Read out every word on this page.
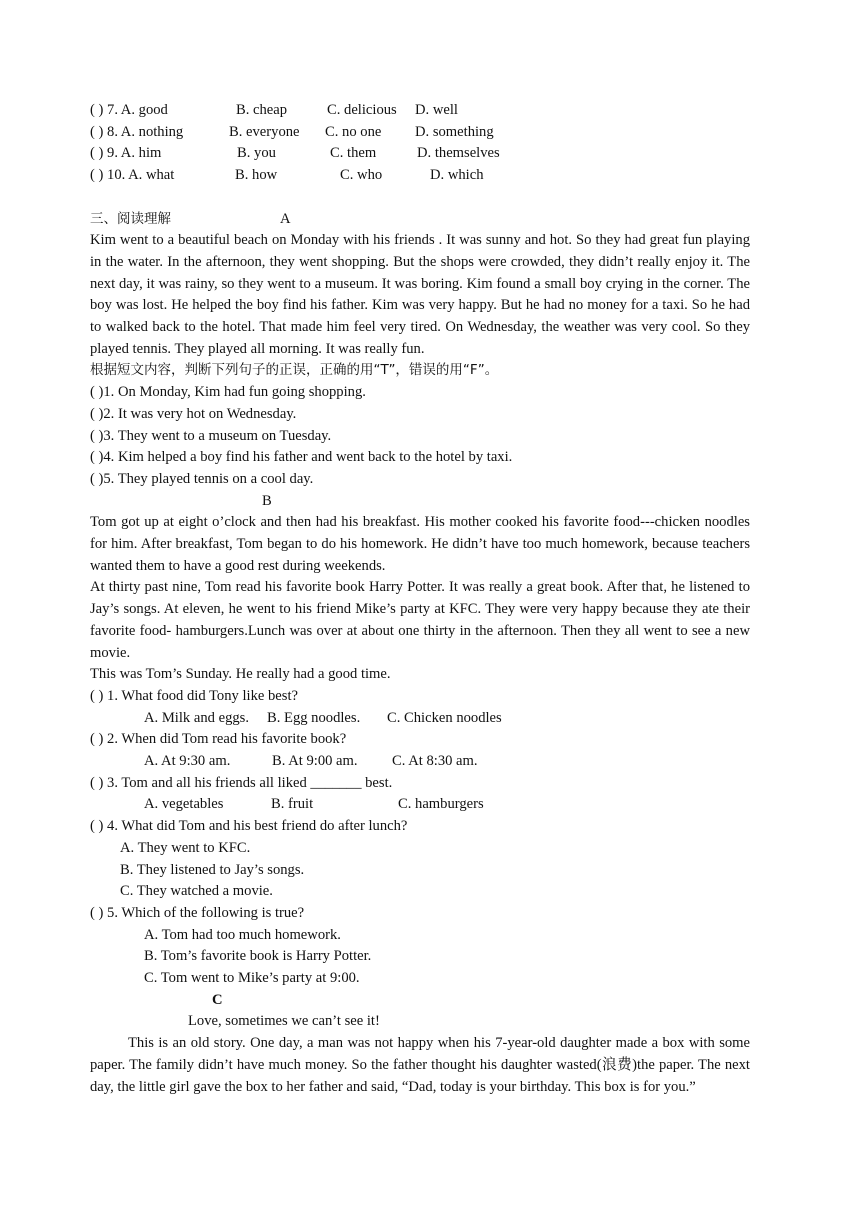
( ) 7. A. good	B. cheap	C. delicious D. well
( ) 8. A. nothing	B. everyone C. no one D. something
( ) 9. A. him	B. you	C. them	D. themselves
( ) 10. A. what	B. how	C. who	D. which
三、阅读理解	A
Kim went to a beautiful beach on Monday with his friends . It was sunny and hot. So they had great fun playing in the water. In the afternoon, they went shopping. But the shops were crowded, they didn’t really enjoy it. The next day, it was rainy, so they went to a museum. It was boring. Kim found a small boy crying in the corner. The boy was lost. He helped the boy find his father. Kim was very happy. But he had no money for a taxi. So he had to walked back to the hotel. That made him feel very tired. On Wednesday, the weather was very cool. So they played tennis. They played all morning. It was really fun.
根据短文内容，判断下列句子的正误，正确的用“T”，错误的用“F”。
( )1. On Monday, Kim had fun going shopping.
( )2. It was very hot on Wednesday.
( )3. They went to a museum on Tuesday.
( )4. Kim helped a boy find his father and went back to the hotel by taxi.
( )5. They played tennis on a cool day.
B
Tom got up at eight o’clock and then had his breakfast. His mother cooked his favorite food---chicken noodles for him. After breakfast, Tom began to do his homework. He didn’t have too much homework, because teachers wanted them to have a good rest during weekends.
At thirty past nine, Tom read his favorite book Harry Potter. It was really a great book. After that, he listened to Jay’s songs. At eleven, he went to his friend Mike’s party at KFC. They were very happy because they ate their favorite food- hamburgers.Lunch was over at about one thirty in the afternoon. Then they all went to see a new movie.
This was Tom’s Sunday. He really had a good time.
( ) 1. What food did Tony like best?
A. Milk and eggs. B. Egg noodles. C. Chicken noodles
( ) 2. When did Tom read his favorite book?
A. At 9:30 am.	B. At 9:00 am. C. At 8:30 am.
( ) 3. Tom and all his friends all liked _______ best.
A. vegetables	B. fruit	C. hamburgers
( ) 4. What did Tom and his best friend do after lunch?
A. They went to KFC.
B. They listened to Jay’s songs.
C. They watched a movie.
( ) 5. Which of the following is true?
A. Tom had too much homework.
B. Tom’s favorite book is Harry Potter.
C. Tom went to Mike’s party at 9:00.
C
Love, sometimes we can’t see it!
This is an old story. One day, a man was not happy when his 7-year-old daughter made a box with some paper. The family didn’t have much money. So the father thought his daughter wasted(浪费)the paper. The next day, the little girl gave the box to her father and said, “Dad, today is your birthday. This box is for you.”
